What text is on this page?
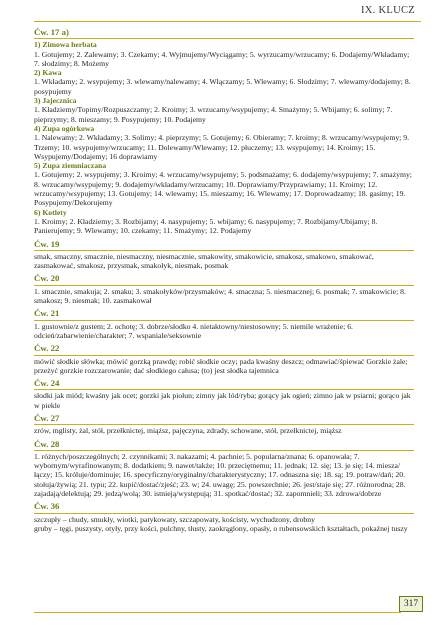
IX. KLUCZ
Ćw. 17 a)
1) Zimowa herbata

1. Gotujemy; 2. Zalewamy; 3. Czekamy; 4. Wyjmujemy/Wyciągamy; 5. wyrzucamy/wrzucamy; 6. Dodajemy/Wkładamy; 7. słodzimy; 8. Możemy

2) Kawa

1. Wkładamy; 2. wsypujemy; 3. wlewamy/nalewamy; 4. Włączamy; 5. Wlewamy; 6. Słodzimy; 7. wlewamy/dodajemy; 8. posypujemy

3) Jajecznica

1. Kładziemy/Topimy/Rozpuszczamy; 2. Kroimy; 3. wrzucamy/wsypujemy; 4. Smażymy; 5. Wbijamy; 6. solimy; 7. pieprzymy; 8. mieszamy; 9. Posypujemy; 10. Podajemy

4) Zupa ogórkowa

1. Nalewamy; 2. Wkładamy; 3. Solimy; 4. pieprzymy; 5. Gotujemy; 6. Obieramy; 7. kroimy; 8. wrzucamy/wsypujemy; 9. Trzemy; 10. wsypujemy/wrzucamy; 11. Dolewamy/Wlewamy; 12. płuczemy; 13. wsypujemy; 14. Kroimy; 15. Wsypujemy/Dodajemy; 16 doprawiamy

5) Zupa ziemniaczana

1. Gotujemy; 2. wsypujemy; 3. Kroimy; 4. wrzucamy/wsypujemy; 5. podsmażamy; 6. dodajemy/wsypujemy; 7. smażymy; 8. wrzucamy/wsypujemy; 9. dodajemy/wkładamy/wrzucamy; 10. Doprawiamy/Przyprawiamy; 11. Kroimy; 12. wrzucamy/wsypujemy; 13. Gotujemy; 14. wlewamy; 15. mieszamy; 16. Wlewamy; 17. Doprowadzamy; 18. gasimy; 19. Posypujemy/Dekorujemy

6) Kotlety

1. Kroimy; 2. Kładziemy; 3. Rozbijamy; 4. nasypujemy; 5. wbijamy; 6. nasypujemy; 7. Rozbijamy/Ubijamy; 8. Panierujemy; 9. Wlewamy; 10. czekamy; 11. Smażymy; 12. Podajemy

Ćw. 19

smak, smaczny, smacznie, niesmaczny, niesmacznie, smakowity, smakowicie, smakosz, smakowo, smakować, zasmakować, smakosz, przysmak, smakołyk, niesmak, posmak

Ćw. 20

1. smacznie, smakuja; 2. smaku; 3. smakołyków/przysmaków; 4. smaczna; 5. niesmacznej; 6. posmak; 7. smakowicie; 8. smakosz; 9. niesmak; 10. zasmakował

Ćw. 21

1. gustownie/z gustem; 2. ochotę; 3. dobrze/słodko 4. nietaktowny/niestosowny; 5. niemile wrażenie; 6. odcień/zabarwienie/charakter; 7. wspaniale/seksownie

Ćw. 22

mówić słodkie słówka; mówić gorzką prawdę; robić słodkie oczy; pada kwaśny deszcz; odmawiać/śpiewać Gorzkie żale; przeżyć gorzkie rozczarowanie; dać słodkiego całusa; (to) jest słodka tajemnica

Ćw. 24

słodki jak miód; kwaśny jak ocet; gorzki jak piołun; zimny jak lód/ryba; gorący jak ogień; zimno jak w psiarni; gorąco jak w piekle

Ćw. 27

zrów, mglisty, żal, stół, przełknictej, miąższ, pajęczyna, zdrady, schowane, stół, przełknictej, miąższ

Ćw. 28

1. różnych/poszczególnych; 2. czynnikami; 3. nakazami; 4. pachnie; 5. popularna/znana; 6. opanowała; 7. wybornym/wyrafinowanym; 8. dodatkiem; 9. nawet/także; 10. przeciętnemu; 11. jednak; 12. się; 13. je się; 14. miesza/łączy; 15. króluje/dominuje; 16. specyficzny/oryginalny/charakterystyczny; 17. odnaszna się; 18. są; 19. potraw/dań; 20. stołuja/żywią; 21. typu; 22. kupić/dostać/zjeść; 23. w; 24. uwagę; 25. powszechnie; 26. jest/staje się; 27. różnorodna; 28. zajadają/delektują; 29. jedzą/wolą; 30. istnieją/występują; 31. spotkać/dostać; 32. zapomnieli; 33. zdrowa/dobrze

Ćw. 36

szczupły – chudy, smukły, wiotki, patykowaty, szczapowaty, kościsty, wychudzony, drobny

gruby – tęgi, puszysty, otyły, przy kości, pulchny, tłusty, zaokrąglony, opasły, o rubensowskich kształtach, pokaźnej tuszy

317
